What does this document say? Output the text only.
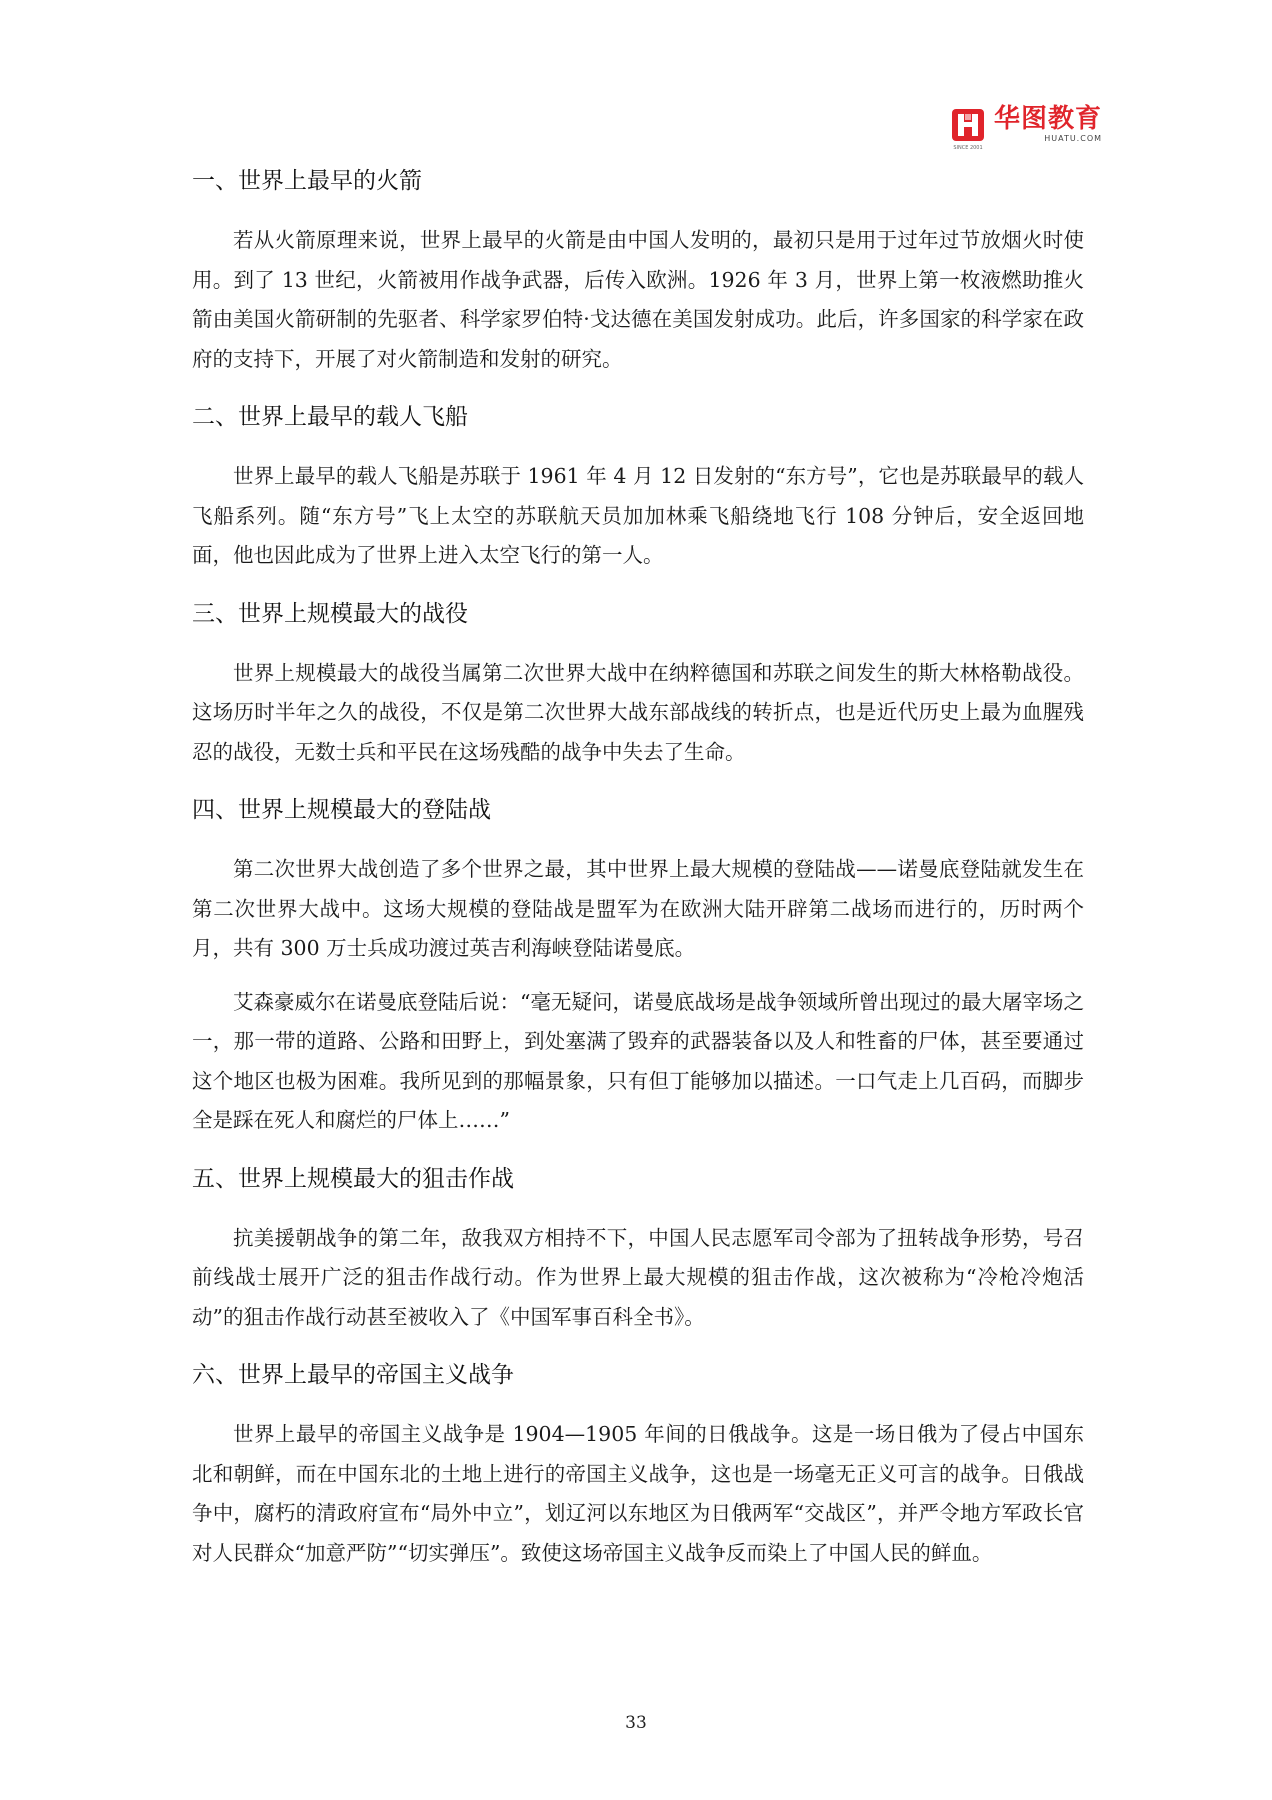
SINCE 2001
华图教育
HUATU.COM
一、世界上最早的火箭

若从火箭原理来说，世界上最早的火箭是由中国人发明的，最初只是用于过年过节放烟火时使用。到了 13 世纪，火箭被用作战争武器，后传入欧洲。1926 年 3 月，世界上第一枚液燃助推火箭由美国火箭研制的先驱者、科学家罗伯特·戈达德在美国发射成功。此后，许多国家的科学家在政府的支持下，开展了对火箭制造和发射的研究。

二、世界上最早的载人飞船

世界上最早的载人飞船是苏联于 1961 年 4 月 12 日发射的“东方号”，它也是苏联最早的载人飞船系列。随“东方号”飞上太空的苏联航天员加加林乘飞船绕地飞行 108 分钟后，安全返回地面，他也因此成为了世界上进入太空飞行的第一人。

三、世界上规模最大的战役

世界上规模最大的战役当属第二次世界大战中在纳粹德国和苏联之间发生的斯大林格勒战役。这场历时半年之久的战役，不仅是第二次世界大战东部战线的转折点，也是近代历史上最为血腥残忍的战役，无数士兵和平民在这场残酷的战争中失去了生命。

四、世界上规模最大的登陆战

第二次世界大战创造了多个世界之最，其中世界上最大规模的登陆战——诺曼底登陆就发生在第二次世界大战中。这场大规模的登陆战是盟军为在欧洲大陆开辟第二战场而进行的，历时两个月，共有 300 万士兵成功渡过英吉利海峡登陆诺曼底。

艾森豪威尔在诺曼底登陆后说：“毫无疑问，诺曼底战场是战争领域所曾出现过的最大屠宰场之一，那一带的道路、公路和田野上，到处塞满了毁弃的武器装备以及人和牲畜的尸体，甚至要通过这个地区也极为困难。我所见到的那幅景象，只有但丁能够加以描述。一口气走上几百码，而脚步全是踩在死人和腐烂的尸体上……”

五、世界上规模最大的狙击作战

抗美援朝战争的第二年，敌我双方相持不下，中国人民志愿军司令部为了扭转战争形势，号召前线战士展开广泛的狙击作战行动。作为世界上最大规模的狙击作战，这次被称为“冷枪冷炮活动”的狙击作战行动甚至被收入了《中国军事百科全书》。

六、世界上最早的帝国主义战争

世界上最早的帝国主义战争是 1904—1905 年间的日俄战争。这是一场日俄为了侵占中国东北和朝鲜，而在中国东北的土地上进行的帝国主义战争，这也是一场毫无正义可言的战争。日俄战争中，腐朽的清政府宣布“局外中立”，划辽河以东地区为日俄两军“交战区”，并严令地方军政长官对人民群众“加意严防”“切实弹压”。致使这场帝国主义战争反而染上了中国人民的鲜血。

33
